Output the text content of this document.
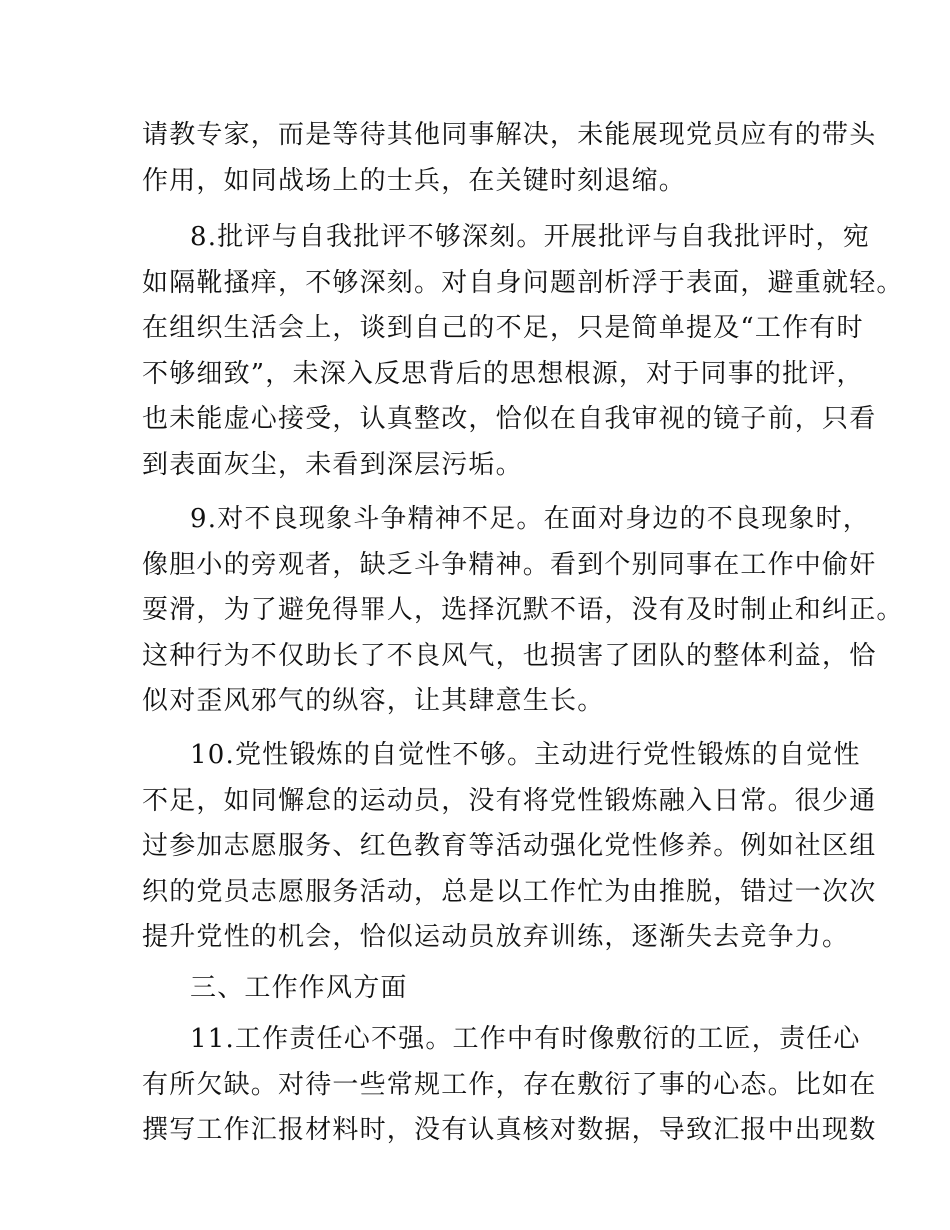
请教专家，而是等待其他同事解决，未能展现党员应有的带头

作用，如同战场上的士兵，在关键时刻退缩。

8.批评与自我批评不够深刻。开展批评与自我批评时，宛

如隔靴搔痒，不够深刻。对自身问题剖析浮于表面，避重就轻。

在组织生活会上，谈到自己的不足，只是简单提及“工作有时

不够细致”，未深入反思背后的思想根源，对于同事的批评，

也未能虚心接受，认真整改，恰似在自我审视的镜子前，只看

到表面灰尘，未看到深层污垢。

9.对不良现象斗争精神不足。在面对身边的不良现象时，

像胆小的旁观者，缺乏斗争精神。看到个别同事在工作中偷奸

耍滑，为了避免得罪人，选择沉默不语，没有及时制止和纠正。

这种行为不仅助长了不良风气，也损害了团队的整体利益，恰

似对歪风邪气的纵容，让其肆意生长。

10.党性锻炼的自觉性不够。主动进行党性锻炼的自觉性

不足，如同懈怠的运动员，没有将党性锻炼融入日常。很少通

过参加志愿服务、红色教育等活动强化党性修养。例如社区组

织的党员志愿服务活动，总是以工作忙为由推脱，错过一次次

提升党性的机会，恰似运动员放弃训练，逐渐失去竞争力。

三、工作作风方面

11.工作责任心不强。工作中有时像敷衍的工匠，责任心

有所欠缺。对待一些常规工作，存在敷衍了事的心态。比如在

撰写工作汇报材料时，没有认真核对数据，导致汇报中出现数
